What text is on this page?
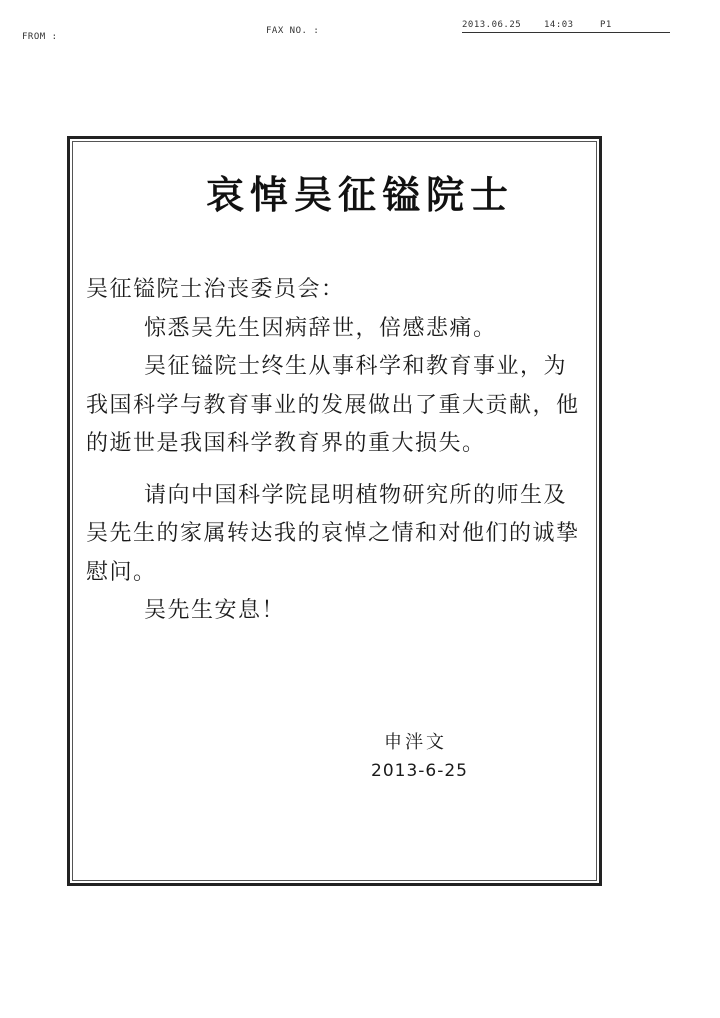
FROM :
FAX NO. :
2013.06.25	14:03	P1
哀悼吴征镒院士

吴征镒院士治丧委员会：

惊悉吴先生因病辞世，倍感悲痛。

吴征镒院士终生从事科学和教育事业，为我国科学与教育事业的发展做出了重大贡献，他的逝世是我国科学教育界的重大损失。

请向中国科学院昆明植物研究所的师生及吴先生的家属转达我的哀悼之情和对他们的诚挚慰问。

吴先生安息！

申泮文
2013-6-25
